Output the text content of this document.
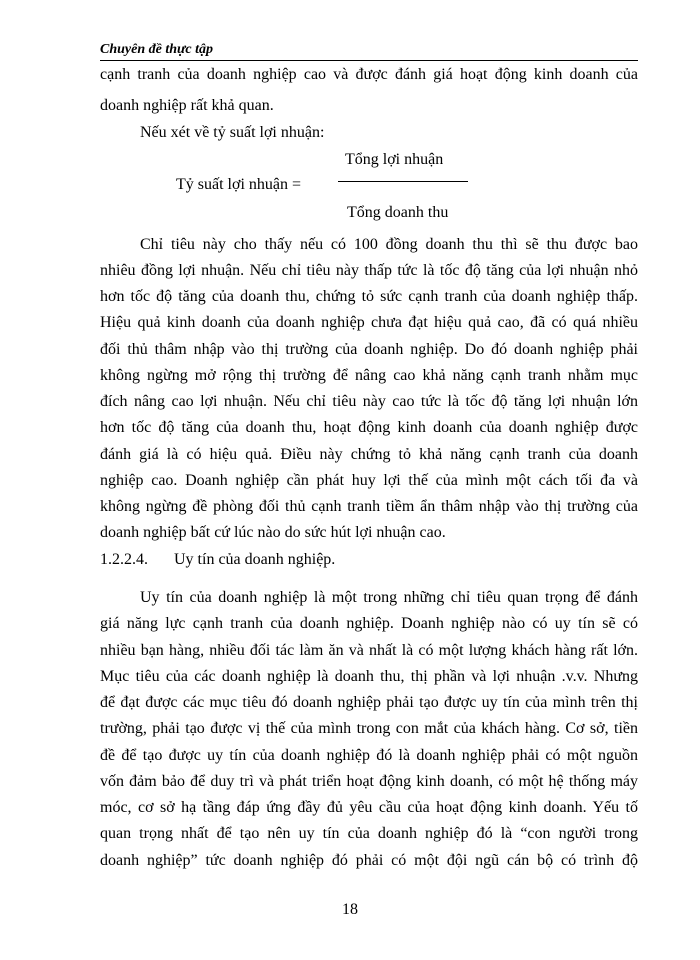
Chuyên đề thực tập
cạnh tranh của doanh nghiệp cao và được đánh giá hoạt động kinh doanh của
doanh nghiệp rất khả quan.
Nếu xét về tỷ suất lợi nhuận:
Tổng lợi nhuận
Tỷ suất lợi nhuận =
Tổng doanh thu
Chỉ tiêu này cho thấy nếu có 100 đồng doanh thu thì sẽ thu được bao
nhiêu đồng lợi nhuận. Nếu chỉ tiêu này thấp tức là tốc độ tăng của lợi nhuận nhỏ
hơn tốc độ tăng của doanh thu, chứng tỏ sức cạnh tranh của doanh nghiệp thấp.
Hiệu quả kinh doanh của doanh nghiệp chưa đạt hiệu quả cao, đã có quá nhiều
đối thủ thâm nhập vào thị trường của doanh nghiệp. Do đó doanh nghiệp phải
không ngừng mở rộng thị trường để nâng cao khả năng cạnh tranh nhằm mục
đích nâng cao lợi nhuận. Nếu chỉ tiêu này cao tức là tốc độ tăng lợi nhuận lớn
hơn tốc độ tăng của doanh thu, hoạt động kinh doanh của doanh nghiệp được
đánh giá là có hiệu quả. Điều này chứng tỏ khả năng cạnh tranh của doanh
nghiệp cao. Doanh nghiệp cần phát huy lợi thế của mình một cách tối đa và
không ngừng đề phòng đối thủ cạnh tranh tiềm ẩn thâm nhập vào thị trường của
doanh nghiệp bất cứ lúc nào do sức hút lợi nhuận cao.
1.2.2.4. Uy tín của doanh nghiệp.
Uy tín của doanh nghiệp là một trong những chỉ tiêu quan trọng để đánh
giá năng lực cạnh tranh của doanh nghiệp. Doanh nghiệp nào có uy tín sẽ có
nhiều bạn hàng, nhiều đối tác làm ăn và nhất là có một lượng khách hàng rất lớn.
Mục tiêu của các doanh nghiệp là doanh thu, thị phần và lợi nhuận .v.v. Nhưng
để đạt được các mục tiêu đó doanh nghiệp phải tạo được uy tín của mình trên thị
trường, phải tạo được vị thế của mình trong con mắt của khách hàng. Cơ sở, tiền
đề để tạo được uy tín của doanh nghiệp đó là doanh nghiệp phải có một nguồn
vốn đảm bảo để duy trì và phát triển hoạt động kinh doanh, có một hệ thống máy
móc, cơ sở hạ tầng đáp ứng đầy đủ yêu cầu của hoạt động kinh doanh. Yếu tố
quan trọng nhất để tạo nên uy tín của doanh nghiệp đó là “con người trong
doanh nghiệp” tức doanh nghiệp đó phải có một đội ngũ cán bộ có trình độ
18
